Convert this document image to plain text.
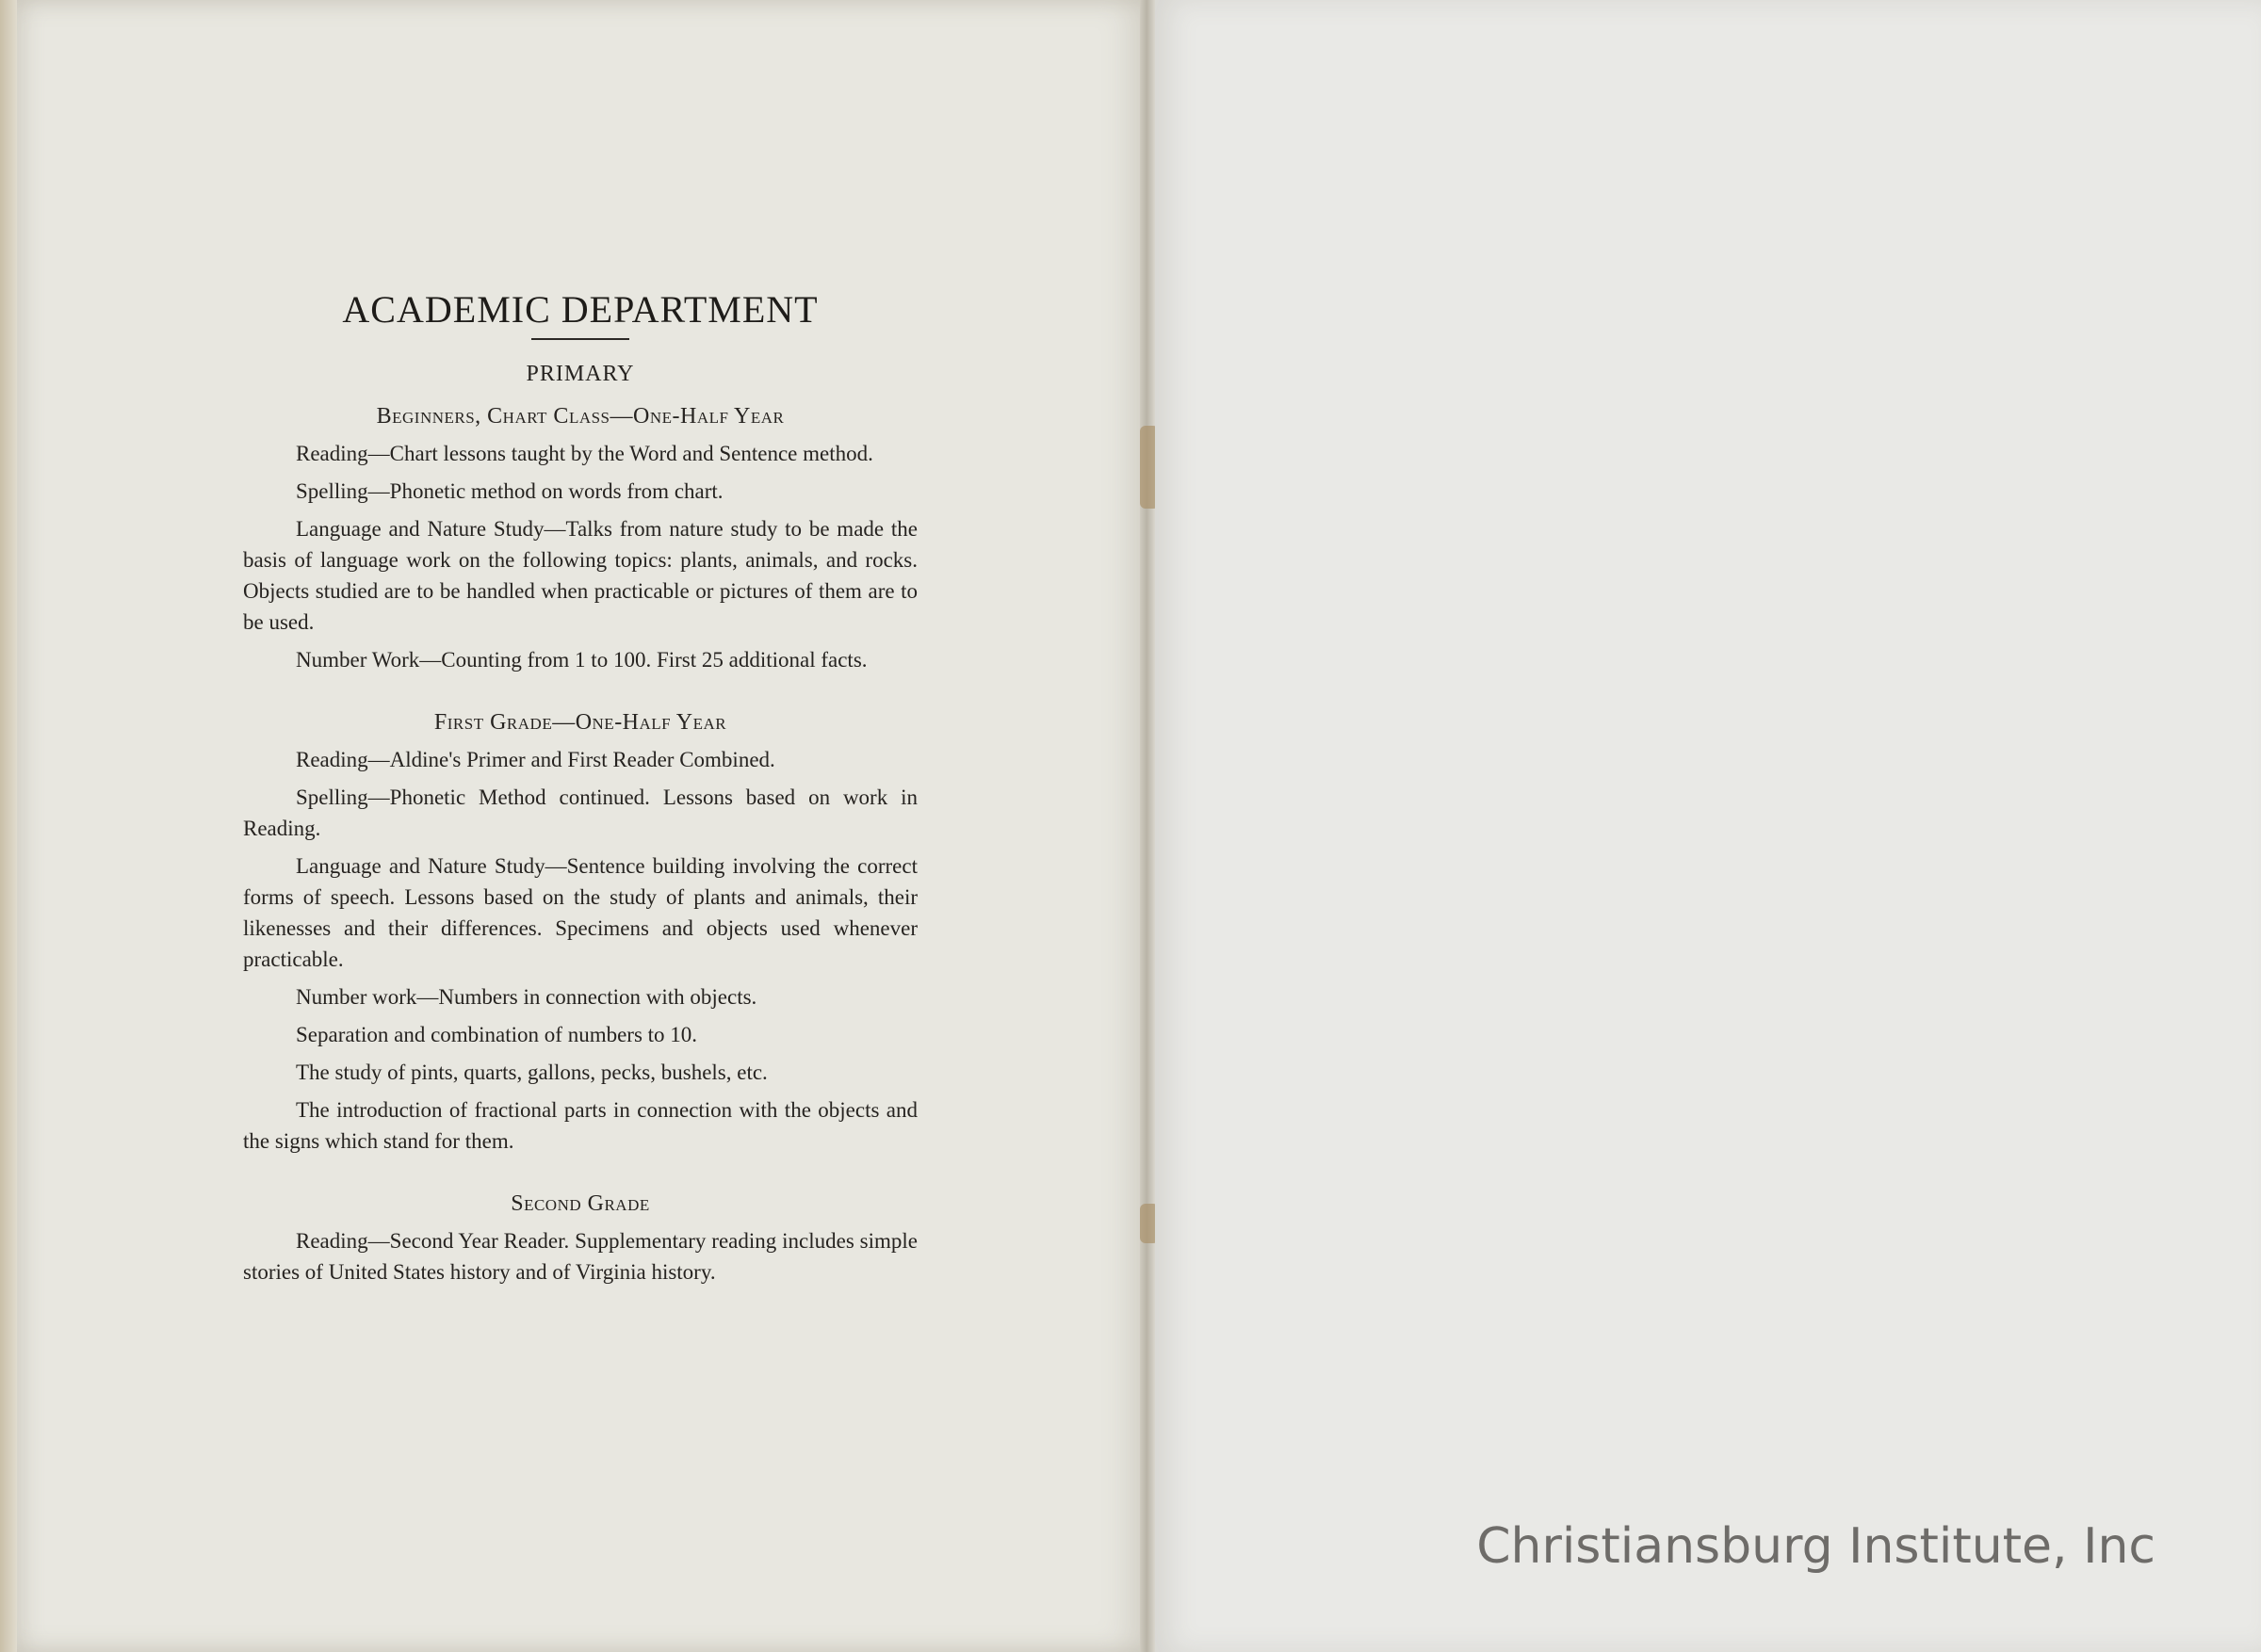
ACADEMIC DEPARTMENT
PRIMARY
Beginners, Chart Class—One-Half Year

Reading—Chart lessons taught by the Word and Sentence method.

Spelling—Phonetic method on words from chart.

Language and Nature Study—Talks from nature study to be made the basis of language work on the following topics: plants, animals, and rocks. Objects studied are to be handled when practicable or pictures of them are to be used.

Number Work—Counting from 1 to 100. First 25 additional facts.

First Grade—One-Half Year

Reading—Aldine's Primer and First Reader Combined.

Spelling—Phonetic Method continued. Lessons based on work in Reading.

Language and Nature Study—Sentence building involving the correct forms of speech. Lessons based on the study of plants and animals, their likenesses and their differences. Specimens and objects used whenever practicable.

Number work—Numbers in connection with objects.

Separation and combination of numbers to 10.

The study of pints, quarts, gallons, pecks, bushels, etc.

The introduction of fractional parts in connection with the objects and the signs which stand for them.

Second Grade

Reading—Second Year Reader. Supplementary reading includes simple stories of United States history and of Virginia history.

Christiansburg Institute, Inc
